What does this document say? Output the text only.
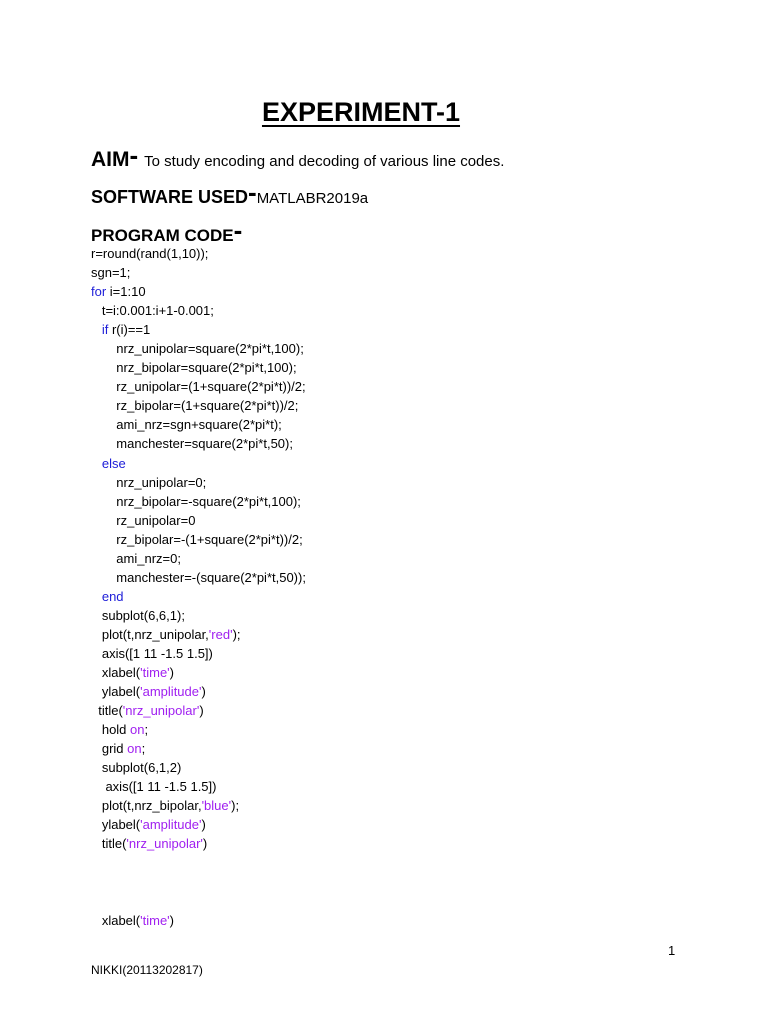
EXPERIMENT-1
AIM- To study encoding and decoding of various line codes.
SOFTWARE USED-MATLABR2019a
PROGRAM CODE-
r=round(rand(1,10));
sgn=1;
for i=1:10
t=i:0.001:i+1-0.001;
if r(i)==1
nrz_unipolar=square(2*pi*t,100);
nrz_bipolar=square(2*pi*t,100);
rz_unipolar=(1+square(2*pi*t))/2;
rz_bipolar=(1+square(2*pi*t))/2;
ami_nrz=sgn+square(2*pi*t);
manchester=square(2*pi*t,50);
else
nrz_unipolar=0;
nrz_bipolar=-square(2*pi*t,100);
rz_unipolar=0
rz_bipolar=-(1+square(2*pi*t))/2;
ami_nrz=0;
manchester=-(square(2*pi*t,50));
end
subplot(6,6,1);
plot(t,nrz_unipolar,'red');
axis([1 11 -1.5 1.5])
xlabel('time')
ylabel('amplitude')
title('nrz_unipolar')
hold on;
grid on;
subplot(6,1,2)
axis([1 11 -1.5 1.5])
plot(t,nrz_bipolar,'blue');
ylabel('amplitude')
title('nrz_unipolar')
xlabel('time')
1
NIKKI(20113202817)
